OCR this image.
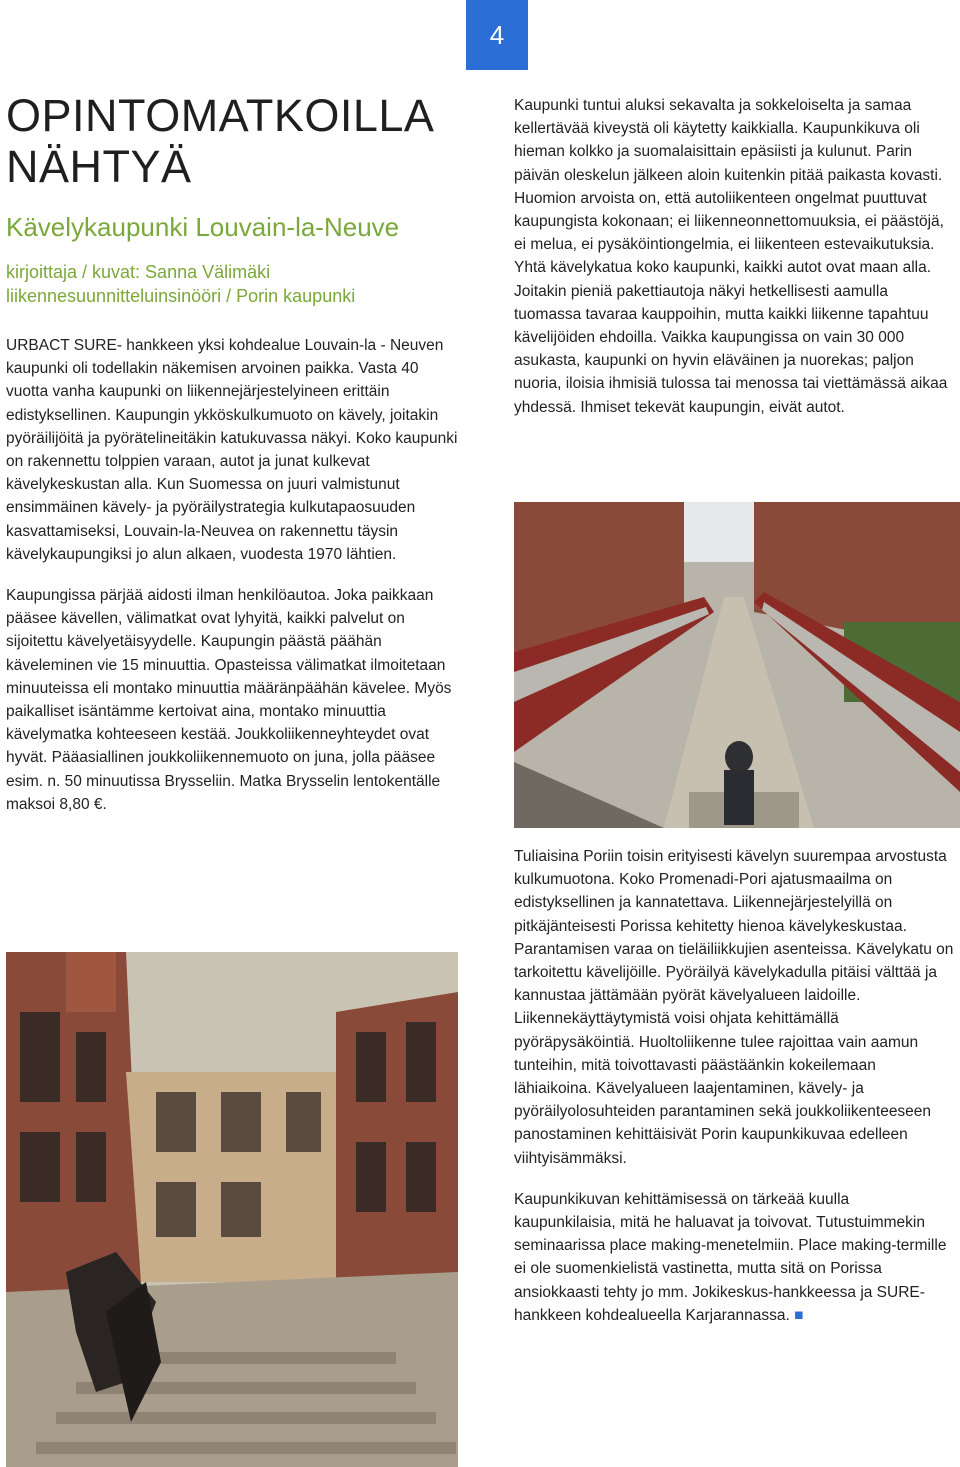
4
OPINTOMATKOILLA
NÄHTYÄ
Kävelykaupunki Louvain-la-Neuve
kirjoittaja / kuvat: Sanna Välimäki
liikennesuunnitteluinsinööri / Porin kaupunki

URBACT SURE- hankkeen yksi kohdealue Louvain-la - Neuven kaupunki oli todellakin näkemisen arvoinen paikka. Vasta 40 vuotta vanha kaupunki on liikennejärjestelyineen erittäin edistyksellinen. Kaupungin ykköskulkumuoto on kävely, joitakin pyöräilijöitä ja pyörätelineitäkin katukuvassa näkyi. Koko kaupunki on rakennettu tolppien varaan, autot ja junat kulkevat kävelykeskustan alla. Kun Suomessa on juuri valmistunut ensimmäinen kävely- ja pyöräilystrategia kulkutapaosuuden kasvattamiseksi, Louvain-la-Neuvea on rakennettu täysin kävelykaupungiksi jo alun alkaen, vuodesta 1970 lähtien.

Kaupungissa pärjää aidosti ilman henkilöautoa. Joka paikkaan pääsee kävellen, välimatkat ovat lyhyitä, kaikki palvelut on sijoitettu kävelyetäisyydelle. Kaupungin päästä päähän käveleminen vie 15 minuuttia. Opasteissa välimatkat ilmoitetaan minuuteissa eli montako minuuttia määränpäähän kävelee. Myös paikalliset isäntämme kertoivat aina, montako minuuttia kävelymatka kohteeseen kestää. Joukkoliikenneyhteydet ovat hyvät. Pääasiallinen joukkoliikennemuoto on juna, jolla pääsee esim. n. 50 minuutissa Brysseliin. Matka Brysselin lentokentälle maksoi 8,80 €.

Kaupunki tuntui aluksi sekavalta ja sokkeloiselta ja samaa kellertävää kiveystä oli käytetty kaikkialla. Kaupunkikuva oli hieman kolkko ja suomalaisittain epäsiisti ja kulunut. Parin päivän oleskelun jälkeen aloin kuitenkin pitää paikasta kovasti. Huomion arvoista on, että autoliikenteen ongelmat puuttuvat kaupungista kokonaan; ei liikenneonnettomuuksia, ei päästöjä, ei melua, ei pysäköintiongelmia, ei liikenteen estevaikutuksia. Yhtä kävelykatua koko kaupunki, kaikki autot ovat maan alla. Joitakin pieniä pakettiautoja näkyi hetkellisesti aamulla tuomassa tavaraa kauppoihin, mutta kaikki liikenne tapahtuu kävelijöiden ehdoilla. Vaikka kaupungissa on vain 30 000 asukasta, kaupunki on hyvin eläväinen ja nuorekas; paljon nuoria, iloisia ihmisiä tulossa tai menossa tai viettämässä aikaa yhdessä. Ihmiset tekevät kaupungin, eivät autot.

Tuliaisina Poriin toisin erityisesti kävelyn suurempaa arvostusta kulkumuotona. Koko Promenadi-Pori ajatusmaailma on edistyksellinen ja kannatettava. Liikennejärjestelyillä on pitkäjänteisesti Porissa kehitetty hienoa kävelykeskustaa. Parantamisen varaa on tieläiliikkujien asenteissa. Kävelykatu on tarkoitettu kävelijöille. Pyöräilyä kävelykadulla pitäisi välttää ja kannustaa jättämään pyörät kävelyalueen laidoille. Liikennekäyttäytymistä voisi ohjata kehittämällä pyöräpysäköintiä. Huoltoliikenne tulee rajoittaa vain aamun tunteihin, mitä toivottavasti päästäänkin kokeilemaan lähiaikoina. Kävelyalueen laajentaminen, kävely- ja pyöräilyolosuhteiden parantaminen sekä joukkoliikenteeseen panostaminen kehittäisivät Porin kaupunkikuvaa edelleen viihtyisämmäksi.

Kaupunkikuvan kehittämisessä on tärkeää kuulla kaupunkilaisia, mitä he haluavat ja toivovat. Tutustuimmekin seminaarissa place making-menetelmiin. Place making-termille ei ole suomenkielistä vastinetta, mutta sitä on Porissa ansiokkaasti tehty jo mm. Jokikeskus-hankkeessa ja SURE-hankkeen kohdealueella Karjarannassa. ■
